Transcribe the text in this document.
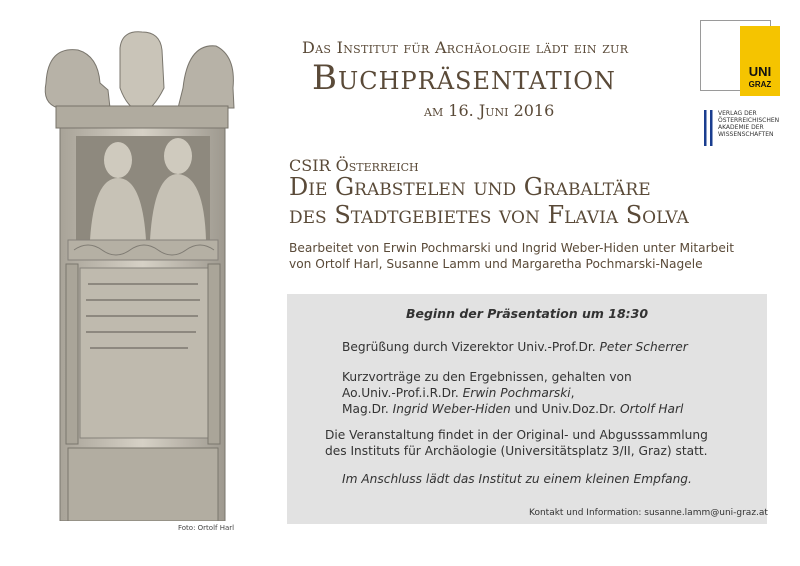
Foto: Ortolf Harl
Das Institut für Archäologie lädt ein zur
Buchpräsentation
am 16. Juni 2016
CSIR Österreich
Die Grabstelen und Grabaltäre
des Stadtgebietes von Flavia Solva
Bearbeitet von Erwin Pochmarski und Ingrid Weber-Hiden unter Mitarbeit
von Ortolf Harl, Susanne Lamm und Margaretha Pochmarski-Nagele
UNI
GRAZ
VERLAG DER
ÖSTERREICHISCHEN
AKADEMIE DER
WISSENSCHAFTEN
Beginn der Präsentation um 18:30

Begrüßung durch Vizerektor Univ.-Prof.Dr. Peter Scherrer

Kurzvorträge zu den Ergebnissen, gehalten von

Ao.Univ.-Prof.i.R.Dr. Erwin Pochmarski,

Mag.Dr. Ingrid Weber-Hiden und Univ.Doz.Dr. Ortolf Harl

Die Veranstaltung findet in der Original- und Abgusssammlung

des Instituts für Archäologie (Universitätsplatz 3/II, Graz) statt.

Im Anschluss lädt das Institut zu einem kleinen Empfang.

Kontakt und Information: susanne.lamm@uni-graz.at
